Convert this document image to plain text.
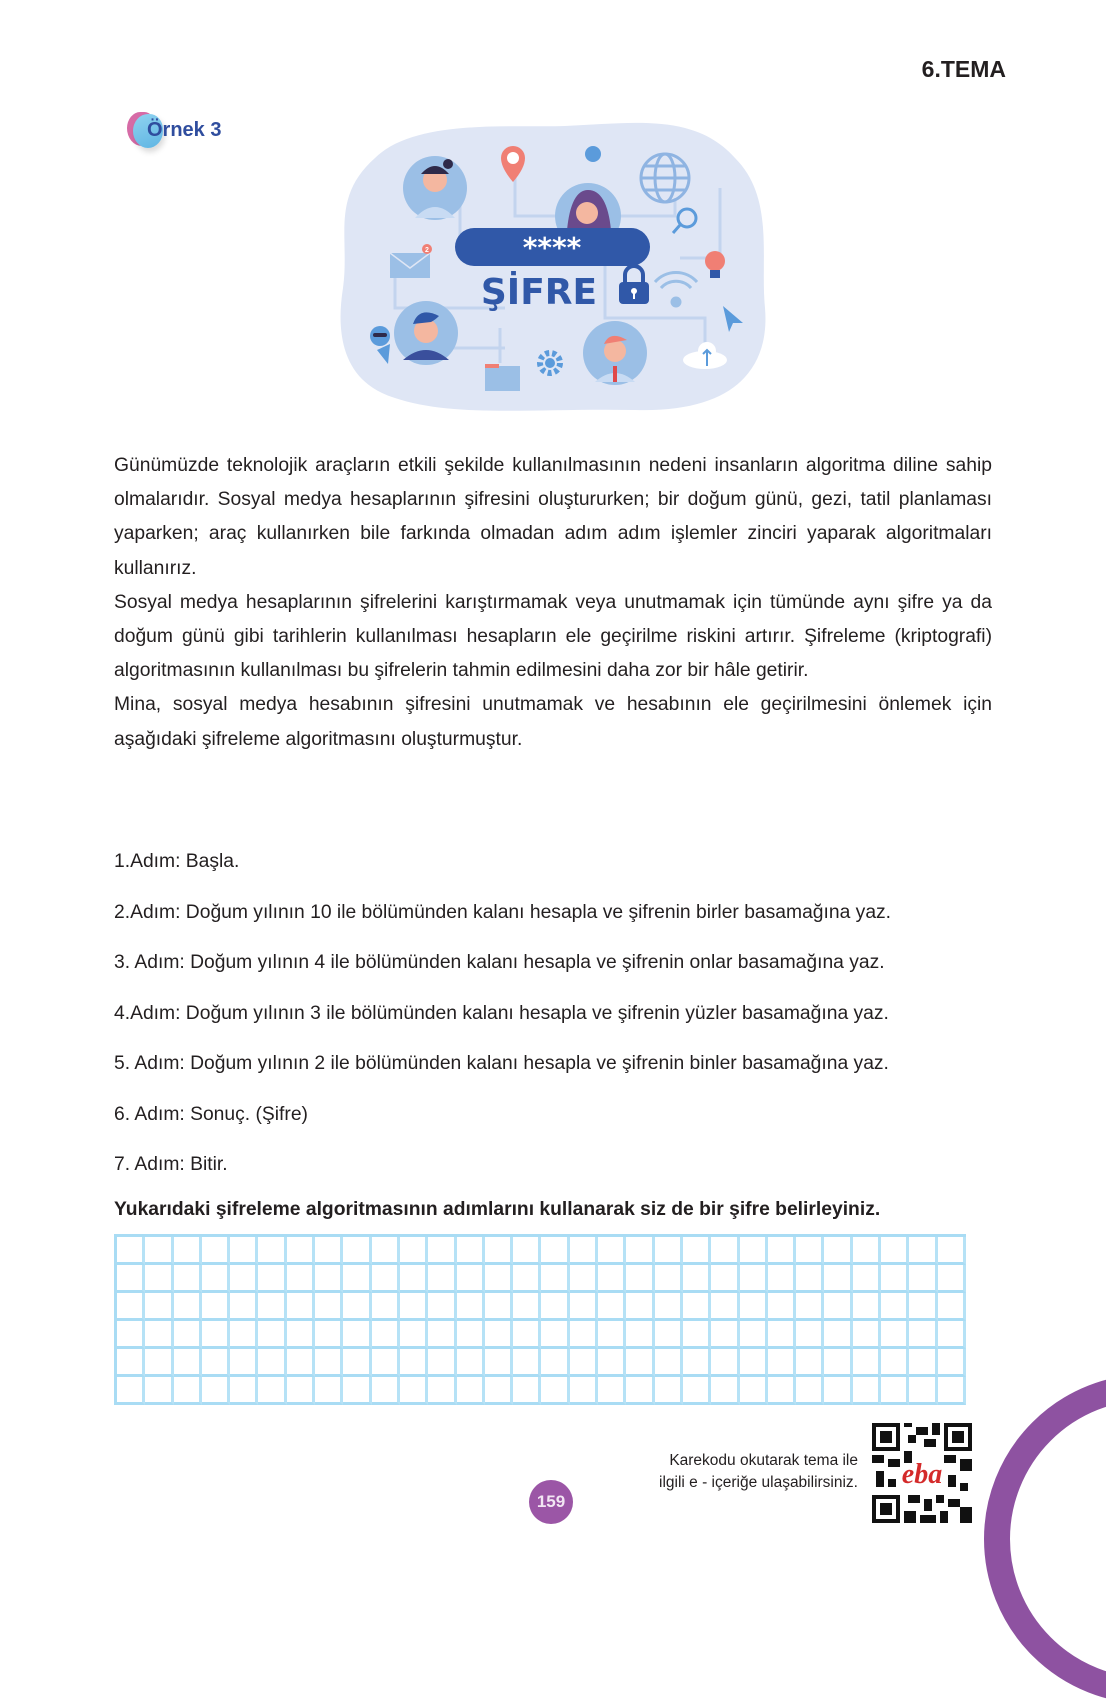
6.TEMA
Örnek 3
2	****
ŞİFRE

Günümüzde teknolojik araçların etkili şekilde kullanılmasının nedeni insanların algoritma diline sahip olmalarıdır. Sosyal medya hesaplarının şifresini oluştururken; bir doğum günü, gezi, tatil planlaması yaparken; araç kullanırken bile farkında olmadan adım adım işlemler zinciri yaparak algoritmaları kullanırız.

Sosyal medya hesaplarının şifrelerini karıştırmamak veya unutmamak için tümünde aynı şifre ya da doğum günü gibi tarihlerin kullanılması hesapların ele geçirilme riskini artırır. Şifreleme (kriptografi) algoritmasının kullanılması bu şifrelerin tahmin edilmesini daha zor bir hâle getirir.

Mina, sosyal medya hesabının şifresini unutmamak ve hesabının ele geçirilmesini önlemek için aşağıdaki şifreleme algoritmasını oluşturmuştur.

1.Adım: Başla.
2.Adım: Doğum yılının 10 ile bölümünden kalanı hesapla ve şifrenin birler basamağına yaz.
3. Adım: Doğum yılının 4 ile bölümünden kalanı hesapla ve şifrenin onlar basamağına yaz.
4.Adım: Doğum yılının 3 ile bölümünden kalanı hesapla ve şifrenin yüzler basamağına yaz.
5. Adım: Doğum yılının 2 ile bölümünden kalanı hesapla ve şifrenin binler basamağına yaz.
6. Adım: Sonuç. (Şifre)
7. Adım: Bitir.
Yukarıdaki şifreleme algoritmasının adımlarını kullanarak siz de bir şifre belirleyiniz.
159
Karekodu okutarak tema ile
ilgili e - içeriğe ulaşabilirsiniz.	eba
